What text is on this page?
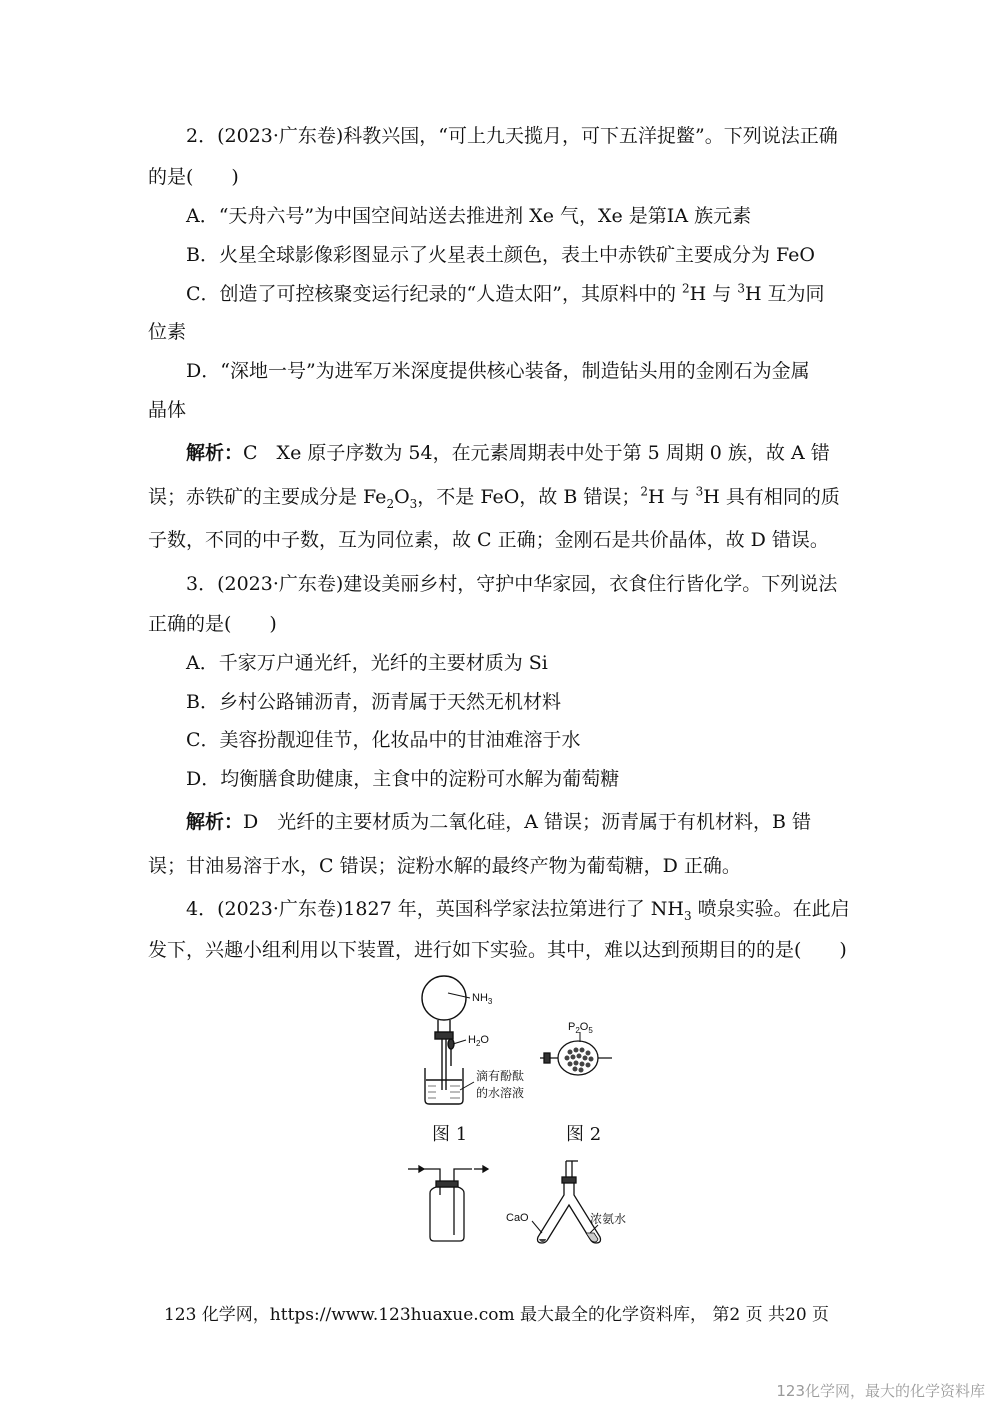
2．(2023·广东卷)科教兴国，“可上九天揽月，可下五洋捉鳖”。下列说法正确

的是(　　)

A．“天舟六号”为中国空间站送去推进剂 Xe 气，Xe 是第ⅠA 族元素

B．火星全球影像彩图显示了火星表土颜色，表土中赤铁矿主要成分为 FeO

C．创造了可控核聚变运行纪录的“人造太阳”，其原料中的 $^2$H 与 $^3$H 互为同

位素

D．“深地一号”为进军万米深度提供核心装备，制造钻头用的金刚石为金属

晶体

解析：C　Xe 原子序数为 54，在元素周期表中处于第 5 周期 0 族，故 A 错

误；赤铁矿的主要成分是 $Fe_2O_3$，不是 FeO，故 B 错误；$^2$H 与 $^3$H 具有相同的质

子数，不同的中子数，互为同位素，故 C 正确；金刚石是共价晶体，故 D 错误。

3．(2023·广东卷)建设美丽乡村，守护中华家园，衣食住行皆化学。下列说法

正确的是(　　)

A．千家万户通光纤，光纤的主要材质为 Si

B．乡村公路铺沥青，沥青属于天然无机材料

C．美容扮靓迎佳节，化妆品中的甘油难溶于水

D．均衡膳食助健康，主食中的淀粉可水解为葡萄糖

解析：D　光纤的主要材质为二氧化硅，A 错误；沥青属于有机材料，B 错

误；甘油易溶于水，C 错误；淀粉水解的最终产物为葡萄糖，D 正确。

4．(2023·广东卷)1827 年，英国科学家法拉第进行了 $NH_3$ 喷泉实验。在此启

发下，兴趣小组利用以下装置，进行如下实验。其中，难以达到预期目的的是(　　)

$NH_3$
$H_2O$
滴有酚酞
的水溶液
$P_2O_5$
图 1	图 2
CaO	浓氨水
123 化学网，https://www.123huaxue.com 最大最全的化学资料库， 第2 页 共20 页
123化学网，最大的化学资料库
